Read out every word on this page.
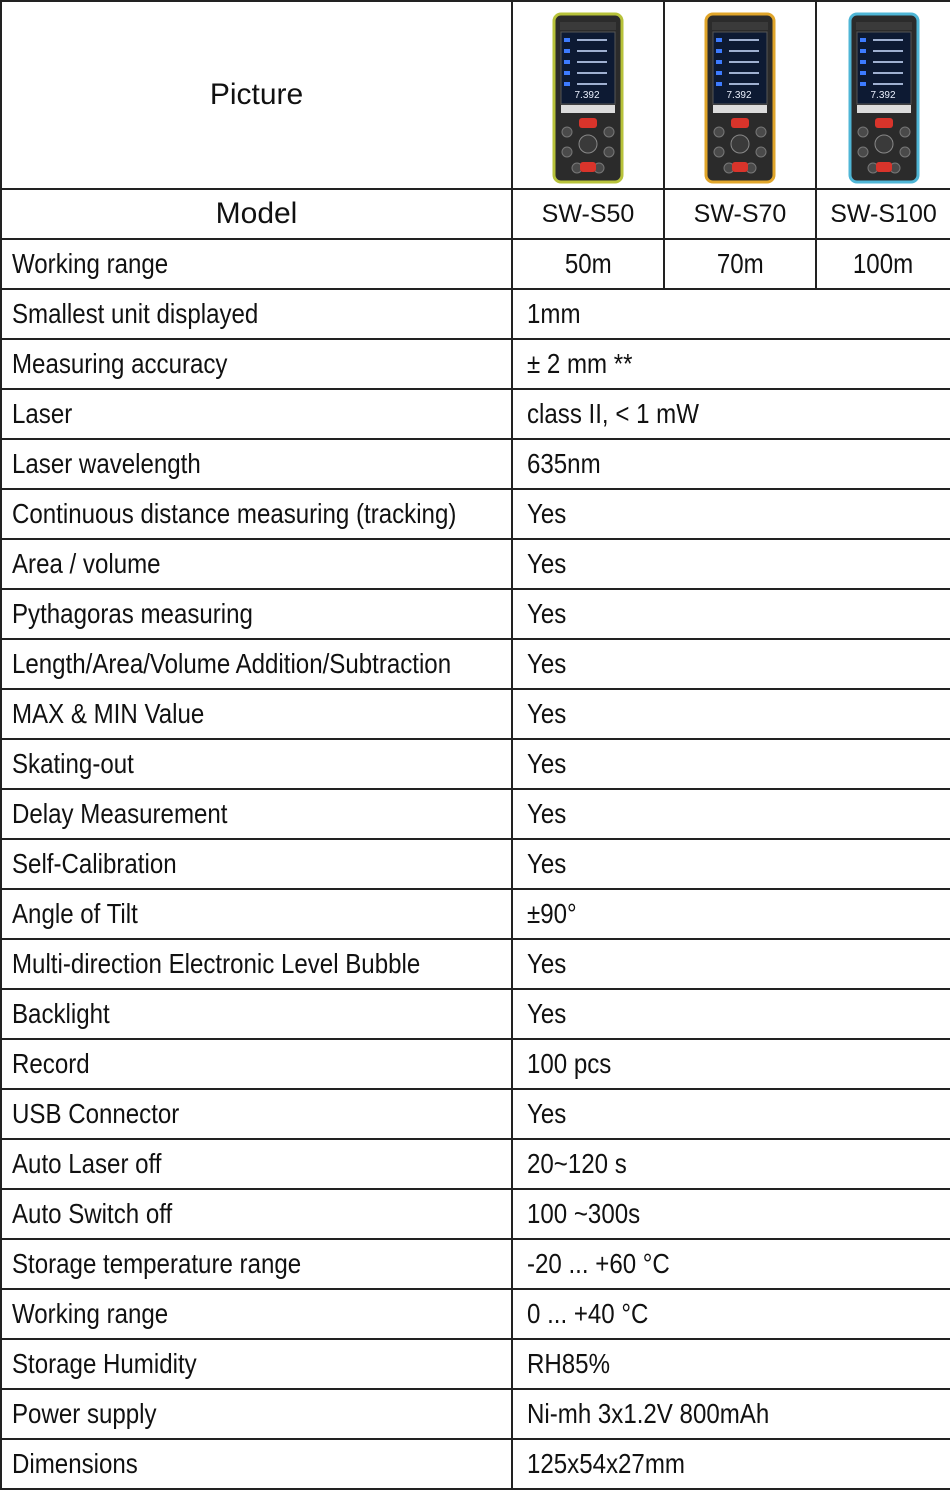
Picture	7.392	7.392	7.392

Model	SW-S50	SW-S70	SW-S100
Working range	50m	70m	100m
Smallest unit displayed	1mm		
Measuring accuracy	± 2 mm **		
Laser	class II, < 1 mW		
Laser wavelength	635nm		
Continuous distance measuring (tracking)	Yes		
Area / volume	Yes		
Pythagoras measuring	Yes		
Length/Area/Volume Addition/Subtraction	Yes		
MAX & MIN Value	Yes		
Skating-out	Yes		
Delay Measurement	Yes		
Self-Calibration	Yes		
Angle of Tilt	±90°		
Multi-direction Electronic Level Bubble	Yes		
Backlight	Yes		
Record	100 pcs		
USB Connector	Yes		
Auto Laser off	20~120 s		
Auto Switch off	100 ~300s		
Storage temperature range	-20 ... +60 °C		
Working range	0 ... +40 °C		
Storage Humidity	RH85%		
Power supply	Ni-mh 3x1.2V 800mAh		
Dimensions	125x54x27mm		
